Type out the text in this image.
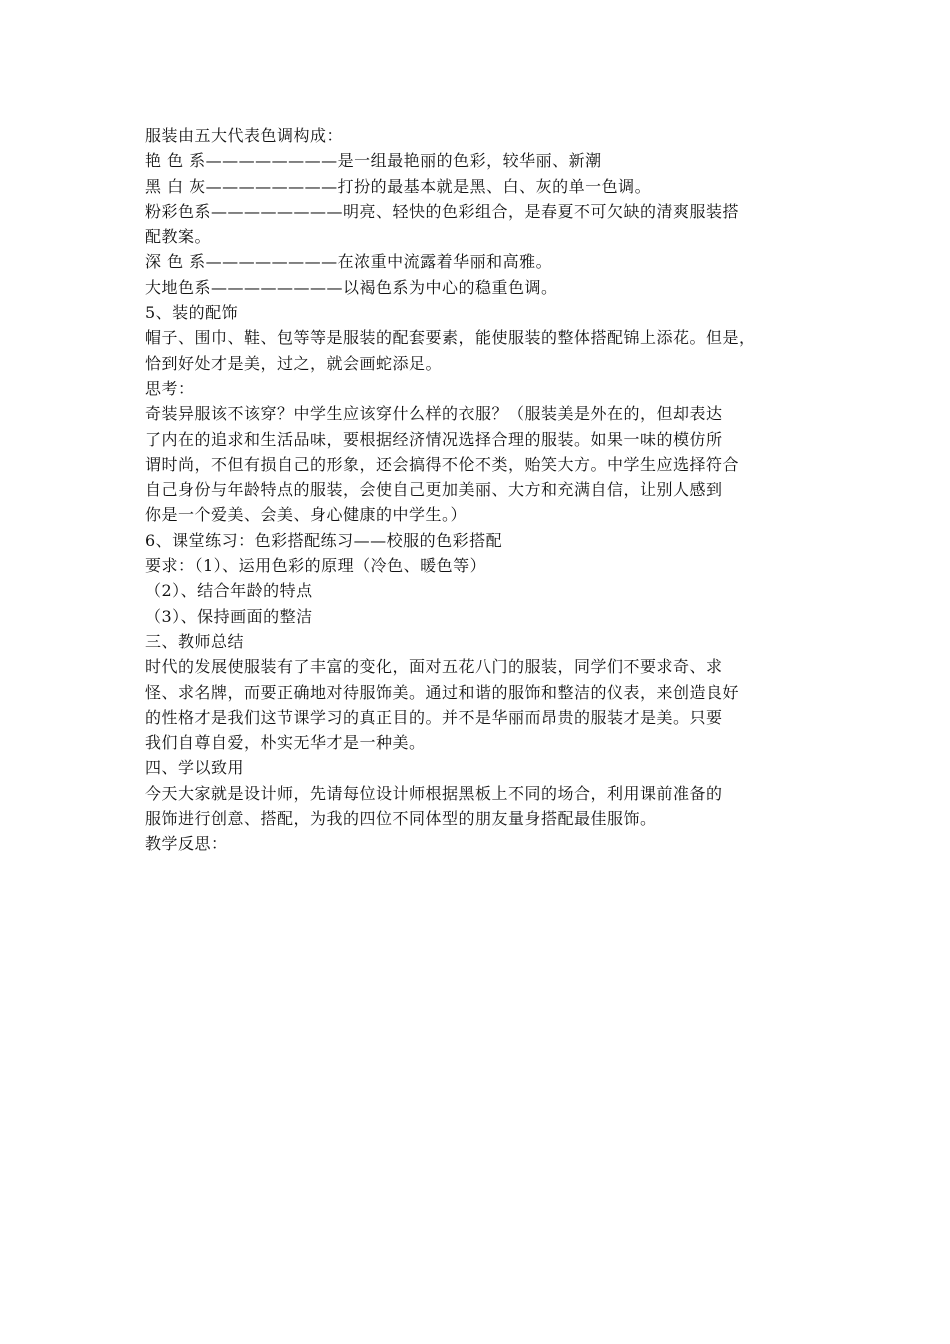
服装由五大代表色调构成：
艳 色 系————————是一组最艳丽的色彩，较华丽、新潮
黑 白 灰————————打扮的最基本就是黑、白、灰的单一色调。
粉彩色系————————明亮、轻快的色彩组合，是春夏不可欠缺的清爽服装搭
配教案。
深 色 系————————在浓重中流露着华丽和高雅。
大地色系————————以褐色系为中心的稳重色调。
5、装的配饰
帽子、围巾、鞋、包等等是服装的配套要素，能使服装的整体搭配锦上添花。但是，
恰到好处才是美，过之，就会画蛇添足。
思考：
奇装异服该不该穿？中学生应该穿什么样的衣服？（服装美是外在的，但却表达
了内在的追求和生活品味，要根据经济情况选择合理的服装。如果一味的模仿所
谓时尚，不但有损自己的形象，还会搞得不伦不类，贻笑大方。中学生应选择符合
自己身份与年龄特点的服装，会使自己更加美丽、大方和充满自信，让别人感到
你是一个爱美、会美、身心健康的中学生。）
6、课堂练习：色彩搭配练习——校服的色彩搭配
要求：（1）、运用色彩的原理（冷色、暖色等）
（2）、结合年龄的特点
（3）、保持画面的整洁
三、教师总结
时代的发展使服装有了丰富的变化，面对五花八门的服装，同学们不要求奇、求
怪、求名牌，而要正确地对待服饰美。通过和谐的服饰和整洁的仪表，来创造良好
的性格才是我们这节课学习的真正目的。并不是华丽而昂贵的服装才是美。只要
我们自尊自爱，朴实无华才是一种美。
四、学以致用
今天大家就是设计师，先请每位设计师根据黑板上不同的场合，利用课前准备的
服饰进行创意、搭配，为我的四位不同体型的朋友量身搭配最佳服饰。
教学反思：
